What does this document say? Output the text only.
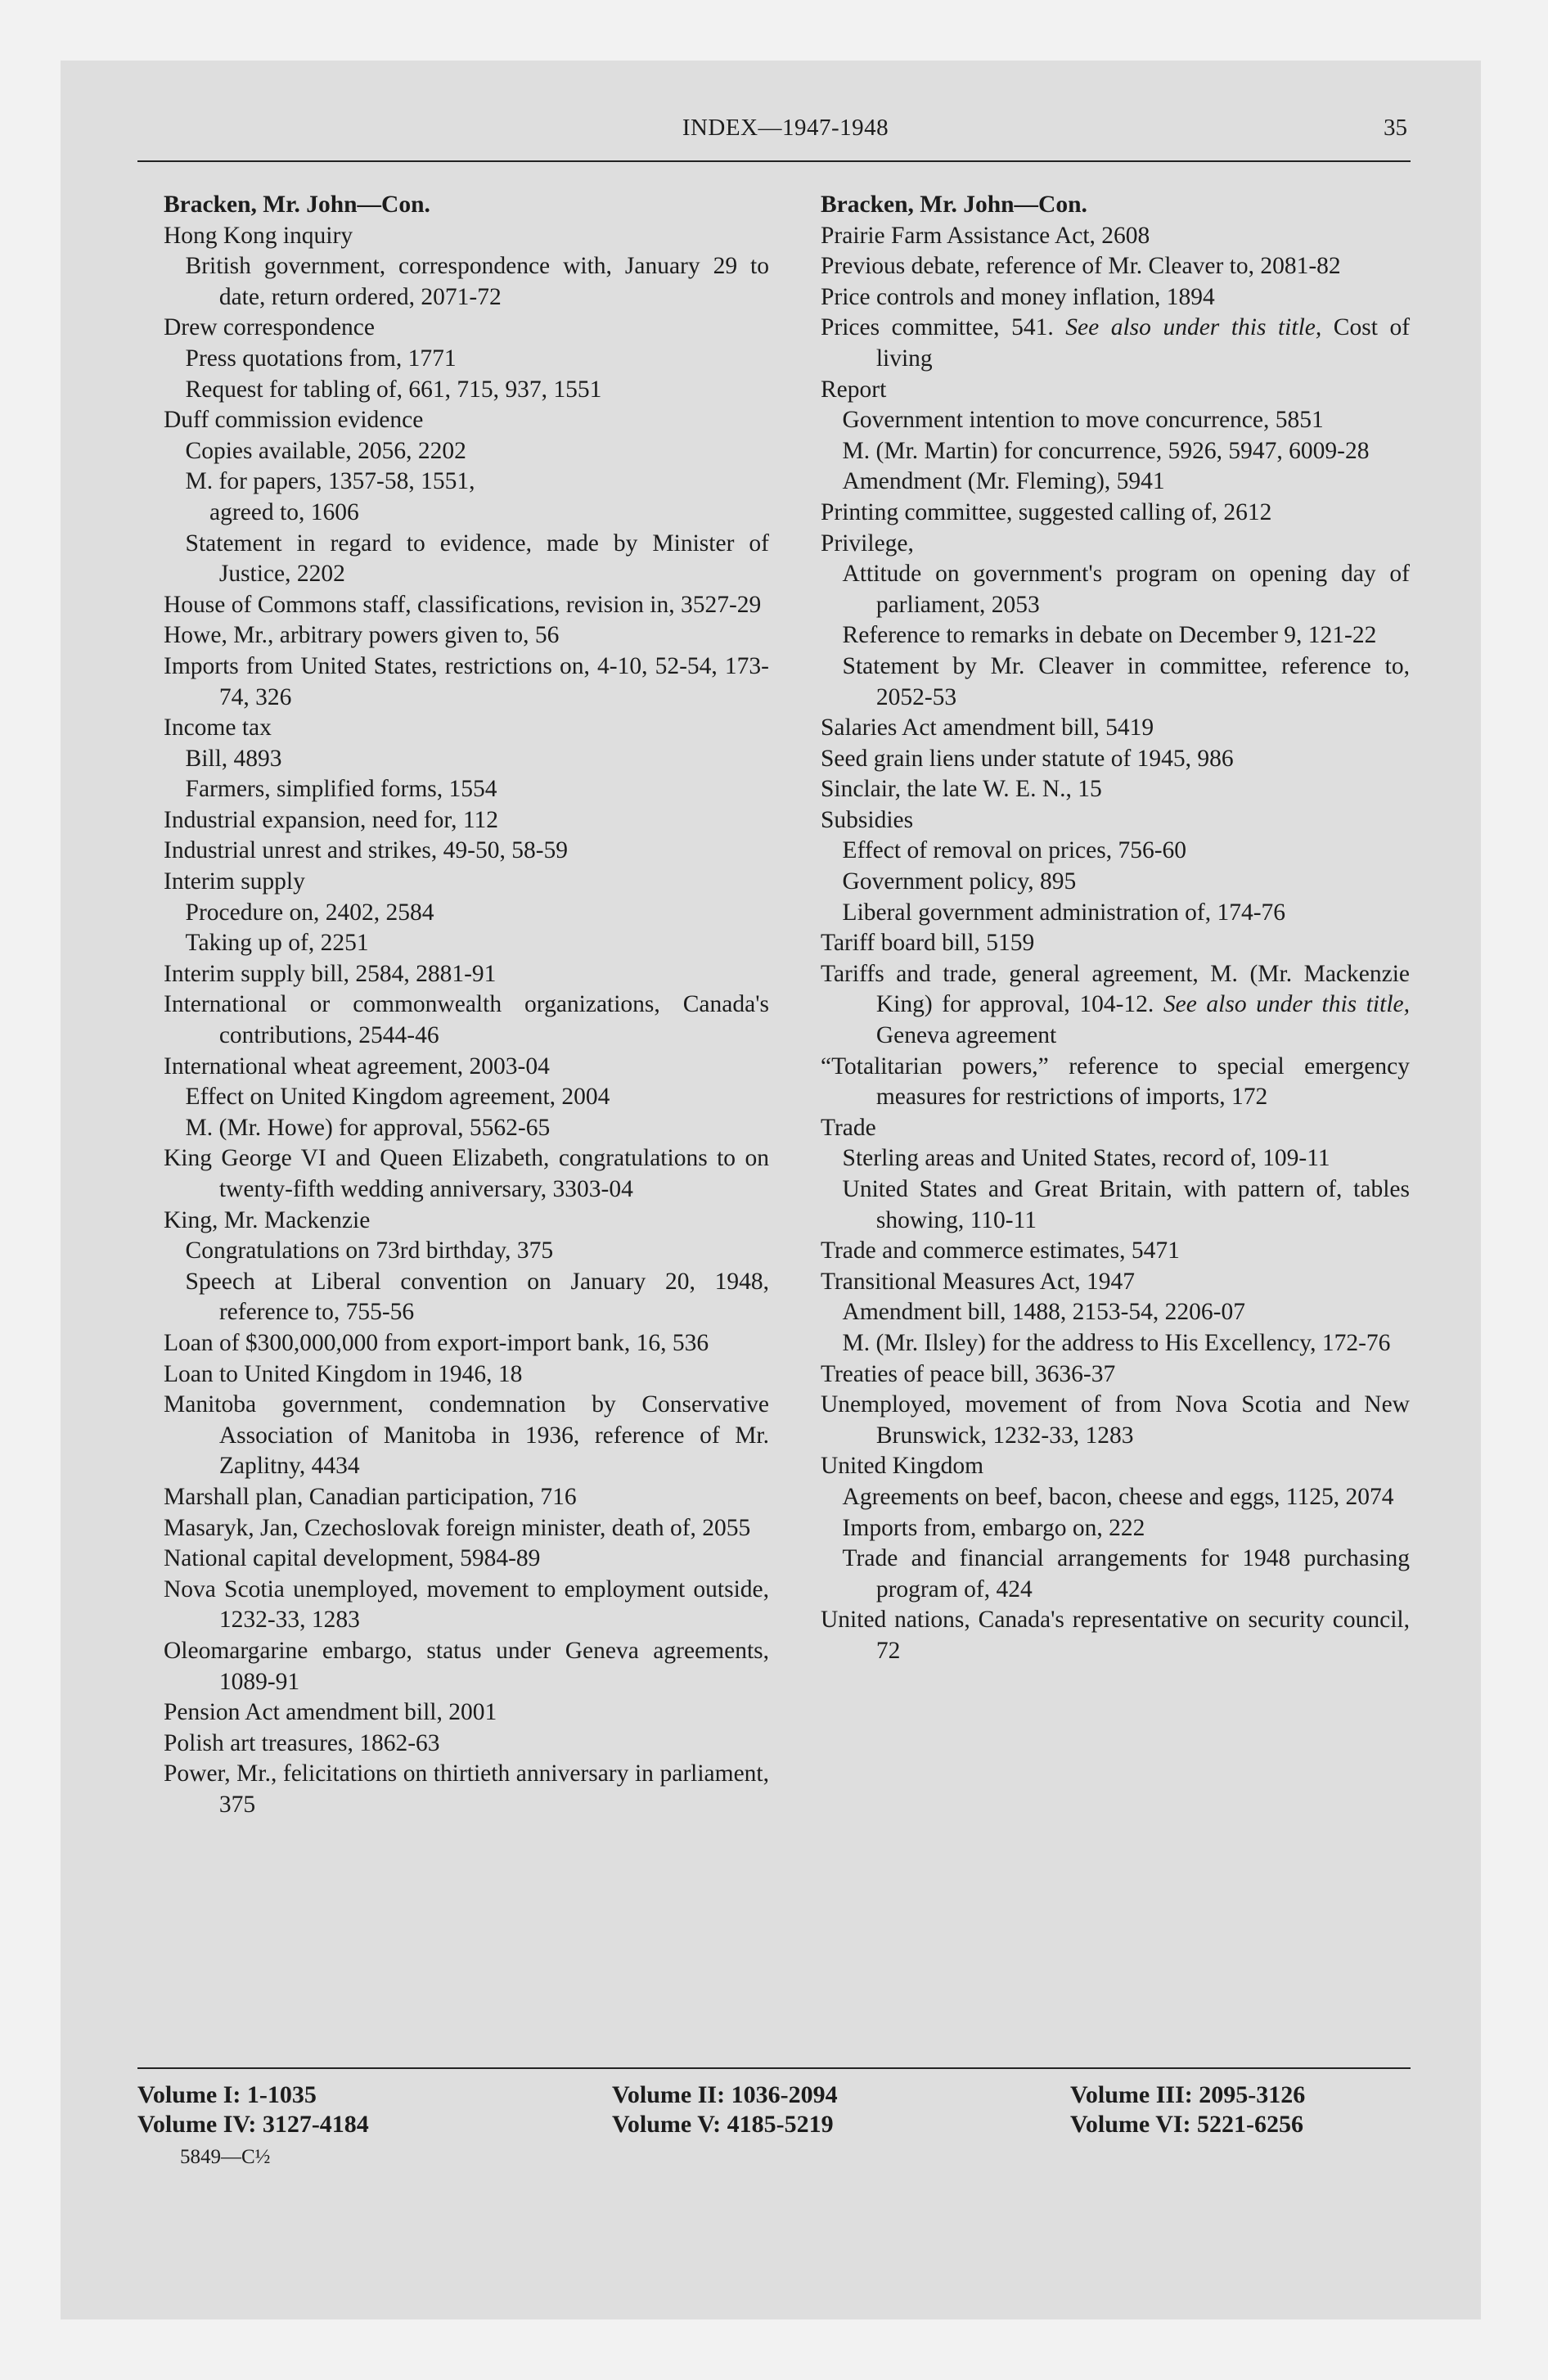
INDEX—1947-1948	35
Bracken, Mr. John—Con.
Hong Kong inquiry
British government, correspondence with, January 29 to date, return ordered, 2071-72
Drew correspondence
Press quotations from, 1771
Request for tabling of, 661, 715, 937, 1551
Duff commission evidence
Copies available, 2056, 2202
M. for papers, 1357-58, 1551,
agreed to, 1606
Statement in regard to evidence, made by Minister of Justice, 2202
House of Commons staff, classifications, revision in, 3527-29
Howe, Mr., arbitrary powers given to, 56
Imports from United States, restrictions on, 4-10, 52-54, 173-74, 326
Income tax
Bill, 4893
Farmers, simplified forms, 1554
Industrial expansion, need for, 112
Industrial unrest and strikes, 49-50, 58-59
Interim supply
Procedure on, 2402, 2584
Taking up of, 2251
Interim supply bill, 2584, 2881-91
International or commonwealth organizations, Canada's contributions, 2544-46
International wheat agreement, 2003-04
Effect on United Kingdom agreement, 2004
M. (Mr. Howe) for approval, 5562-65
King George VI and Queen Elizabeth, congratulations to on twenty-fifth wedding anniversary, 3303-04
King, Mr. Mackenzie
Congratulations on 73rd birthday, 375
Speech at Liberal convention on January 20, 1948, reference to, 755-56
Loan of $300,000,000 from export-import bank, 16, 536
Loan to United Kingdom in 1946, 18
Manitoba government, condemnation by Conservative Association of Manitoba in 1936, reference of Mr. Zaplitny, 4434
Marshall plan, Canadian participation, 716
Masaryk, Jan, Czechoslovak foreign minister, death of, 2055
National capital development, 5984-89
Nova Scotia unemployed, movement to employment outside, 1232-33, 1283
Oleomargarine embargo, status under Geneva agreements, 1089-91
Pension Act amendment bill, 2001
Polish art treasures, 1862-63
Power, Mr., felicitations on thirtieth anniversary in parliament, 375
Bracken, Mr. John—Con.
Prairie Farm Assistance Act, 2608
Previous debate, reference of Mr. Cleaver to, 2081-82
Price controls and money inflation, 1894
Prices committee, 541. See also under this title, Cost of living
Report
Government intention to move concurrence, 5851
M. (Mr. Martin) for concurrence, 5926, 5947, 6009-28
Amendment (Mr. Fleming), 5941
Printing committee, suggested calling of, 2612
Privilege,
Attitude on government's program on opening day of parliament, 2053
Reference to remarks in debate on December 9, 121-22
Statement by Mr. Cleaver in committee, reference to, 2052-53
Salaries Act amendment bill, 5419
Seed grain liens under statute of 1945, 986
Sinclair, the late W. E. N., 15
Subsidies
Effect of removal on prices, 756-60
Government policy, 895
Liberal government administration of, 174-76
Tariff board bill, 5159
Tariffs and trade, general agreement, M. (Mr. Mackenzie King) for approval, 104-12. See also under this title, Geneva agreement
“Totalitarian powers,” reference to special emergency measures for restrictions of imports, 172
Trade
Sterling areas and United States, record of, 109-11
United States and Great Britain, with pattern of, tables showing, 110-11
Trade and commerce estimates, 5471
Transitional Measures Act, 1947
Amendment bill, 1488, 2153-54, 2206-07
M. (Mr. Ilsley) for the address to His Excellency, 172-76
Treaties of peace bill, 3636-37
Unemployed, movement of from Nova Scotia and New Brunswick, 1232-33, 1283
United Kingdom
Agreements on beef, bacon, cheese and eggs, 1125, 2074
Imports from, embargo on, 222
Trade and financial arrangements for 1948 purchasing program of, 424
United nations, Canada's representative on security council, 72
Volume I: 1-1035	Volume II: 1036-2094	Volume III: 2095-3126
Volume IV: 3127-4184	Volume V: 4185-5219	Volume VI: 5221-6256
5849—C½
